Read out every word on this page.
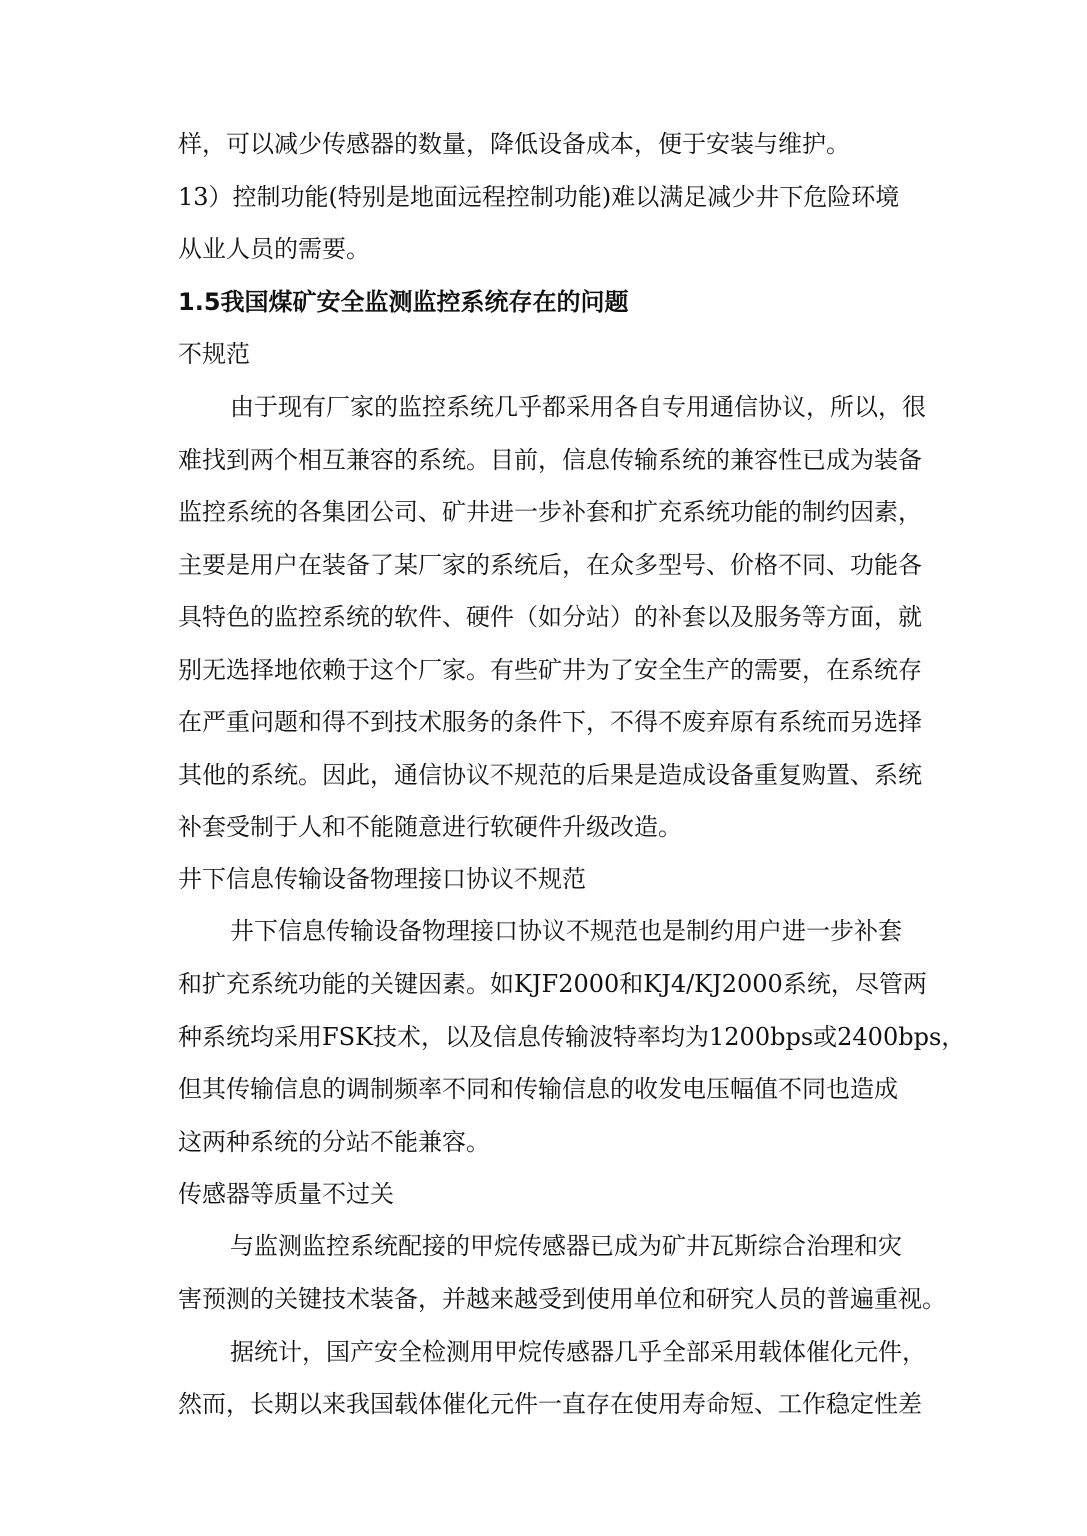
样，可以减少传感器的数量，降低设备成本，便于安装与维护。
13）控制功能(特别是地面远程控制功能)难以满足减少井下危险环境
从业人员的需要。
1.5我国煤矿安全监测监控系统存在的问题
不规范
由于现有厂家的监控系统几乎都采用各自专用通信协议，所以，很
难找到两个相互兼容的系统。目前，信息传输系统的兼容性已成为装备
监控系统的各集团公司、矿井进一步补套和扩充系统功能的制约因素，
主要是用户在装备了某厂家的系统后，在众多型号、价格不同、功能各
具特色的监控系统的软件、硬件（如分站）的补套以及服务等方面，就
别无选择地依赖于这个厂家。有些矿井为了安全生产的需要，在系统存
在严重问题和得不到技术服务的条件下，不得不废弃原有系统而另选择
其他的系统。因此，通信协议不规范的后果是造成设备重复购置、系统
补套受制于人和不能随意进行软硬件升级改造。
井下信息传输设备物理接口协议不规范
井下信息传输设备物理接口协议不规范也是制约用户进一步补套
和扩充系统功能的关键因素。如KJF2000和KJ4/KJ2000系统，尽管两
种系统均采用FSK技术，以及信息传输波特率均为1200bps或2400bps，
但其传输信息的调制频率不同和传输信息的收发电压幅值不同也造成
这两种系统的分站不能兼容。
传感器等质量不过关
与监测监控系统配接的甲烷传感器已成为矿井瓦斯综合治理和灾
害预测的关键技术装备，并越来越受到使用单位和研究人员的普遍重视。
据统计，国产安全检测用甲烷传感器几乎全部采用载体催化元件，
然而，长期以来我国载体催化元件一直存在使用寿命短、工作稳定性差
